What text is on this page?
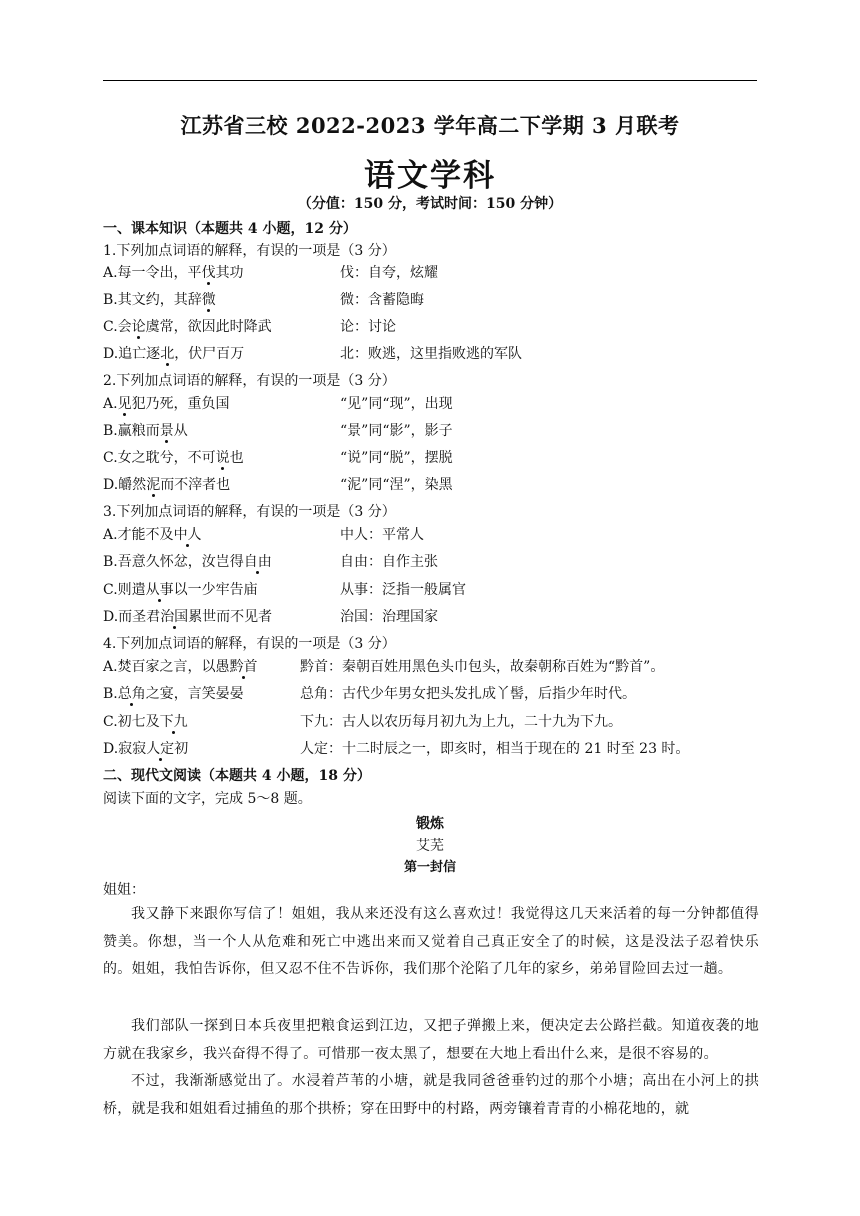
江苏省三校 2022-2023 学年高二下学期 3 月联考
语文学科
（分值：150 分，考试时间：150 分钟）
一、课本知识（本题共 4 小题，12 分）
1.下列加点词语的解释，有误的一项是（3 分）
A.每一令出，平伐其功	伐：自夸，炫耀
B.其文约，其辞微	微：含蓄隐晦
C.会论虞常，欲因此时降武	论：讨论
D.追亡逐北，伏尸百万	北：败逃，这里指败逃的军队
2.下列加点词语的解释，有误的一项是（3 分）
A.见犯乃死，重负国	“见”同“现”，出现
B.赢粮而景从	“景”同“影”，影子
C.女之耽兮，不可说也	“说”同“脱”，摆脱
D.皭然泥而不滓者也	“泥”同“涅”，染黑
3.下列加点词语的解释，有误的一项是（3 分）
A.才能不及中人	中人：平常人
B.吾意久怀忿，汝岂得自由	自由：自作主张
C.则遣从事以一少牢告庙	从事：泛指一般属官
D.而圣君治国累世而不见者	治国：治理国家
4.下列加点词语的解释，有误的一项是（3 分）
A.焚百家之言，以愚黔首	黔首：秦朝百姓用黑色头巾包头，故秦朝称百姓为“黔首”。
B.总角之宴，言笑晏晏	总角：古代少年男女把头发扎成丫髻，后指少年时代。
C.初七及下九	下九：古人以农历每月初九为上九，二十九为下九。
D.寂寂人定初	人定：十二时辰之一，即亥时，相当于现在的 21 时至 23 时。
二、现代文阅读（本题共 4 小题，18 分）
阅读下面的文字，完成 5～8 题。
锻炼
艾芜
第一封信
姐姐：
我又静下来跟你写信了！姐姐，我从来还没有这么喜欢过！我觉得这几天来活着的每一分钟都值得赞美。你想，当一个人从危难和死亡中逃出来而又觉着自己真正安全了的时候，这是没法子忍着快乐的。姐姐，我怕告诉你，但又忍不住不告诉你，我们那个沦陷了几年的家乡，弟弟冒险回去过一趟。
我们部队一探到日本兵夜里把粮食运到江边，又把子弹搬上来，便决定去公路拦截。知道夜袭的地方就在我家乡，我兴奋得不得了。可惜那一夜太黑了，想要在大地上看出什么来，是很不容易的。
不过，我渐渐感觉出了。水浸着芦苇的小塘，就是我同爸爸垂钓过的那个小塘；高出在小河上的拱桥，就是我和姐姐看过捕鱼的那个拱桥；穿在田野中的村路，两旁镶着青青的小棉花地的，就
